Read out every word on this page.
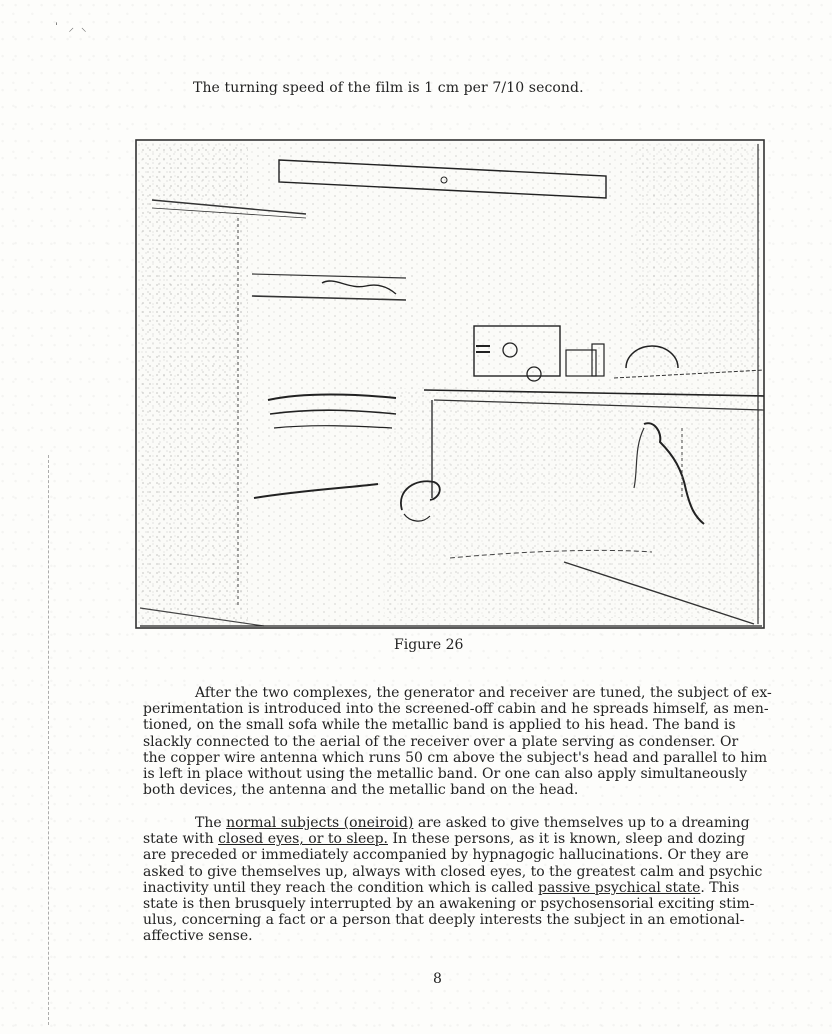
ˈ   ⸝  ⸜
The turning speed of the film is 1 cm per 7/10 second.
Figure 26

After the two complexes, the generator and receiver are tuned, the subject of ex-
perimentation is introduced into the screened-off cabin and he spreads himself, as men-
tioned, on the small sofa while the metallic band is applied to his head. The band is
slackly connected to the aerial of the receiver over a plate serving as condenser. Or
the copper wire antenna which runs 50 cm above the subject's head and parallel to him
is left in place without using the metallic band. Or one can also apply simultaneously
both devices, the antenna and the metallic band on the head.

The normal subjects (oneiroid) are asked to give themselves up to a dreaming
state with closed eyes, or to sleep. In these persons, as it is known, sleep and dozing
are preceded or immediately accompanied by hypnagogic hallucinations. Or they are
asked to give themselves up, always with closed eyes, to the greatest calm and psychic
inactivity until they reach the condition which is called passive psychical state. This
state is then brusquely interrupted by an awakening or psychosensorial exciting stim-
ulus, concerning a fact or a person that deeply interests the subject in an emotional-
affective sense.

8
